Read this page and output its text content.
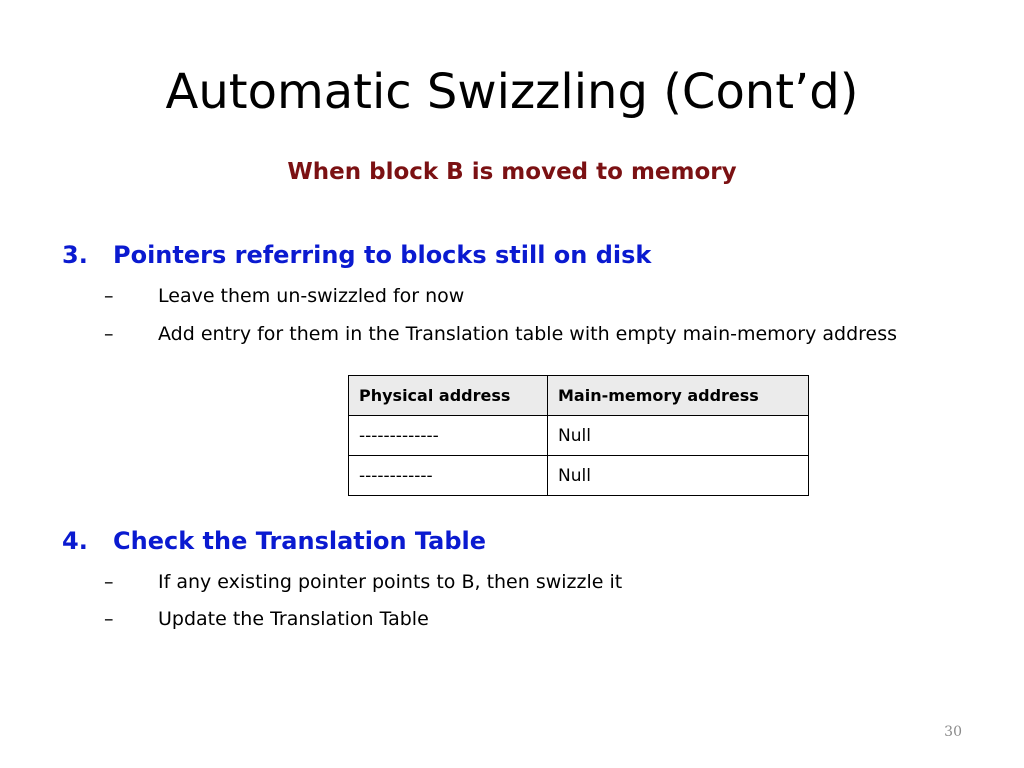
Automatic Swizzling (Cont’d)
When block B is moved to memory
3. Pointers referring to blocks still on disk
– Leave them un-swizzled for now
– Add entry for them in the Translation table with empty main-memory address
Physical address	Main-memory address
-------------	Null
------------	Null
4. Check the Translation Table
– If any existing pointer points to B, then swizzle it
– Update the Translation Table
30
